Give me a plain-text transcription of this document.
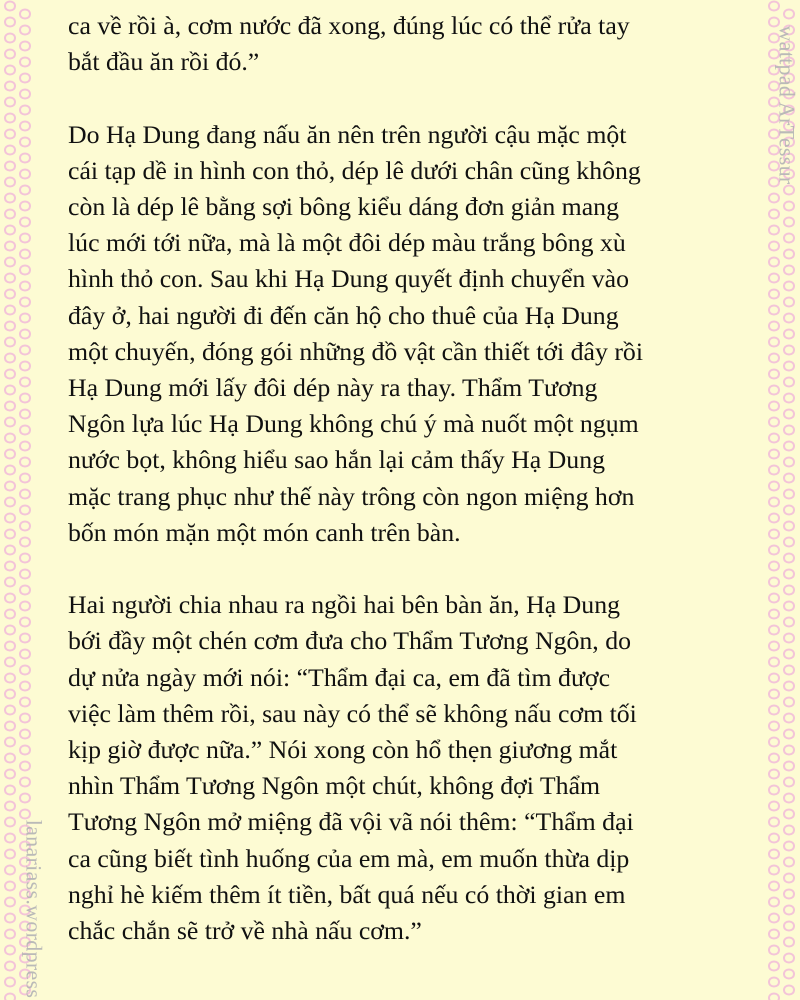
lanariass.wordpress
wattpad ArTessur

ca về rồi à, cơm nước đã xong, đúng lúc có thể rửa tay
bắt đầu ăn rồi đó.”

Do Hạ Dung đang nấu ăn nên trên người cậu mặc một
cái tạp dề in hình con thỏ, dép lê dưới chân cũng không
còn là dép lê bằng sợi bông kiểu dáng đơn giản mang
lúc mới tới nữa, mà là một đôi dép màu trắng bông xù
hình thỏ con. Sau khi Hạ Dung quyết định chuyển vào
đây ở, hai người đi đến căn hộ cho thuê của Hạ Dung
một chuyến, đóng gói những đồ vật cần thiết tới đây rồi
Hạ Dung mới lấy đôi dép này ra thay. Thẩm Tương
Ngôn lựa lúc Hạ Dung không chú ý mà nuốt một ngụm
nước bọt, không hiểu sao hắn lại cảm thấy Hạ Dung
mặc trang phục như thế này trông còn ngon miệng hơn
bốn món mặn một món canh trên bàn.

Hai người chia nhau ra ngồi hai bên bàn ăn, Hạ Dung
bới đầy một chén cơm đưa cho Thẩm Tương Ngôn, do
dự nửa ngày mới nói: “Thẩm đại ca, em đã tìm được
việc làm thêm rồi, sau này có thể sẽ không nấu cơm tối
kịp giờ được nữa.” Nói xong còn hổ thẹn giương mắt
nhìn Thẩm Tương Ngôn một chút, không đợi Thẩm
Tương Ngôn mở miệng đã vội vã nói thêm: “Thẩm đại
ca cũng biết tình huống của em mà, em muốn thừa dịp
nghỉ hè kiếm thêm ít tiền, bất quá nếu có thời gian em
chắc chắn sẽ trở về nhà nấu cơm.”
